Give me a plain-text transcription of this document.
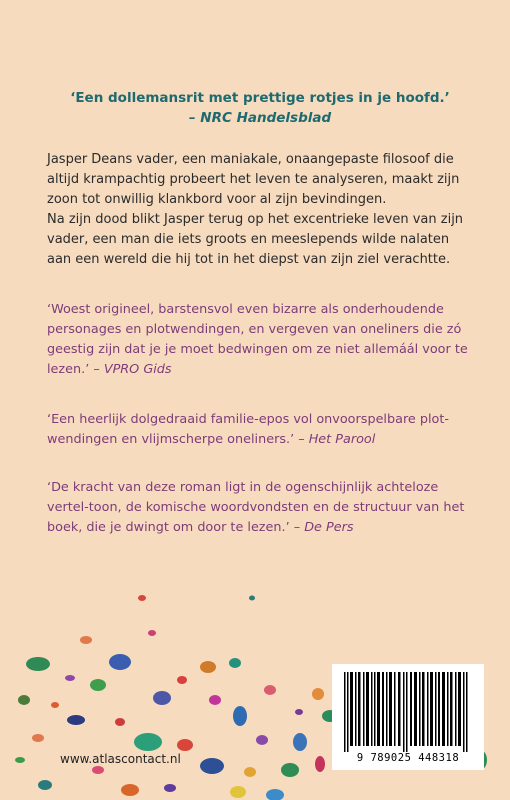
‘Een dollemansrit met prettige rotjes in je hoofd.’
– NRC Handelsblad

Jasper Deans vader, een maniakale, onaangepaste filosoof die altijd krampachtig probeert het leven te analyseren, maakt zijn zoon tot onwillig klankbord voor al zijn bevindingen.

Na zijn dood blikt Jasper terug op het excentrieke leven van zijn vader, een man die iets groots en meeslepends wilde nalaten aan een wereld die hij tot in het diepst van zijn ziel verachtte.

‘Woest origineel, barstensvol even bizarre als onderhoudende personages en plotwendingen, en vergeven van oneliners die zó geestig zijn dat je je moet bedwingen om ze niet allemáál voor te lezen.’ – VPRO Gids
‘Een heerlijk dolgedraaid familie-epos vol onvoorspelbare plot-wendingen en vlijmscherpe oneliners.’ – Het Parool
‘De kracht van deze roman ligt in de ogenschijnlijk achteloze vertel-toon, de komische woordvondsten en de structuur van het boek, die je dwingt om door te lezen.’ – De Pers
9 789025 448318
www.atlascontact.nl
